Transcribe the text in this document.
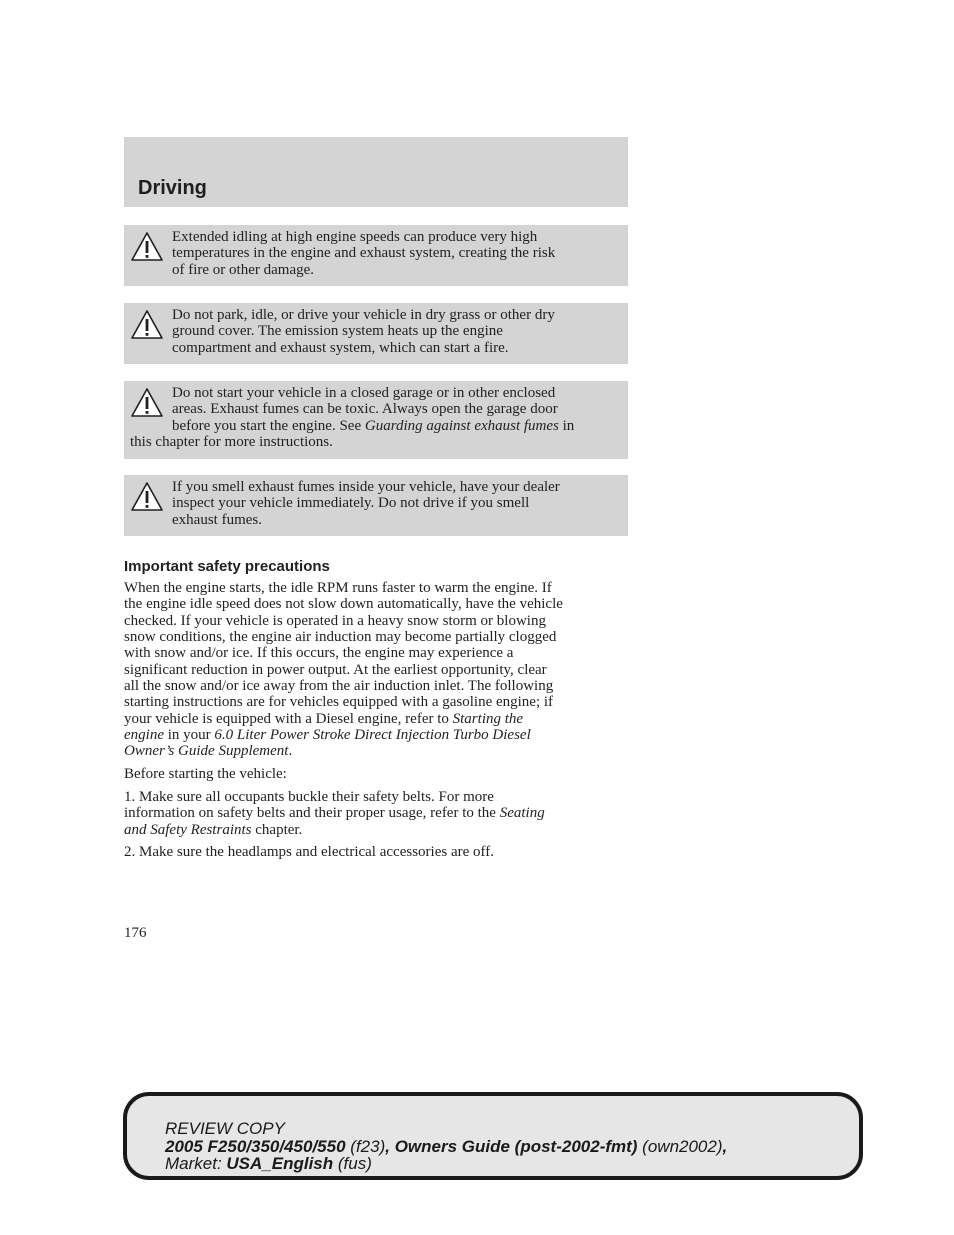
Driving
Extended idling at high engine speeds can produce very high
temperatures in the engine and exhaust system, creating the risk
of fire or other damage.
Do not park, idle, or drive your vehicle in dry grass or other dry
ground cover. The emission system heats up the engine
compartment and exhaust system, which can start a fire.
Do not start your vehicle in a closed garage or in other enclosed
areas. Exhaust fumes can be toxic. Always open the garage door
before you start the engine. See Guarding against exhaust fumes in
this chapter for more instructions.
If you smell exhaust fumes inside your vehicle, have your dealer
inspect your vehicle immediately. Do not drive if you smell
exhaust fumes.
Important safety precautions
When the engine starts, the idle RPM runs faster to warm the engine. If
the engine idle speed does not slow down automatically, have the vehicle
checked. If your vehicle is operated in a heavy snow storm or blowing
snow conditions, the engine air induction may become partially clogged
with snow and/or ice. If this occurs, the engine may experience a
significant reduction in power output. At the earliest opportunity, clear
all the snow and/or ice away from the air induction inlet. The following
starting instructions are for vehicles equipped with a gasoline engine; if
your vehicle is equipped with a Diesel engine, refer to Starting the
engine in your 6.0 Liter Power Stroke Direct Injection Turbo Diesel
Owner’s Guide Supplement.
Before starting the vehicle:
1. Make sure all occupants buckle their safety belts. For more
information on safety belts and their proper usage, refer to the Seating
and Safety Restraints chapter.
2. Make sure the headlamps and electrical accessories are off.
176
REVIEW COPY
2005 F250/350/450/550 (f23), Owners Guide (post-2002-fmt) (own2002),
Market: USA_English (fus)
